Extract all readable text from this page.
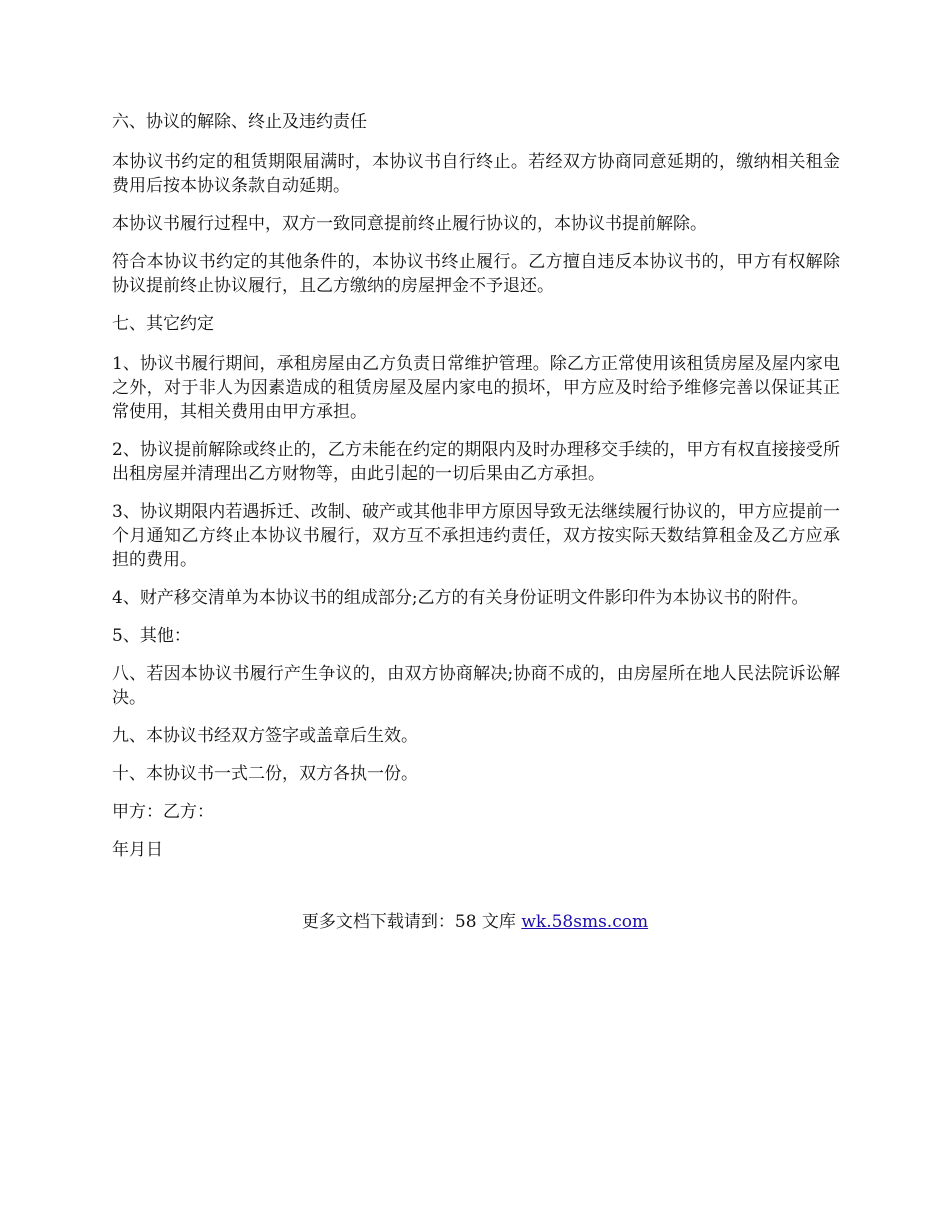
六、协议的解除、终止及违约责任

本协议书约定的租赁期限届满时，本协议书自行终止。若经双方协商同意延期的，缴纳相关租金费用后按本协议条款自动延期。

本协议书履行过程中，双方一致同意提前终止履行协议的，本协议书提前解除。

符合本协议书约定的其他条件的，本协议书终止履行。乙方擅自违反本协议书的，甲方有权解除协议提前终止协议履行，且乙方缴纳的房屋押金不予退还。

七、其它约定

1、协议书履行期间，承租房屋由乙方负责日常维护管理。除乙方正常使用该租赁房屋及屋内家电之外，对于非人为因素造成的租赁房屋及屋内家电的损坏，甲方应及时给予维修完善以保证其正常使用，其相关费用由甲方承担。

2、协议提前解除或终止的，乙方未能在约定的期限内及时办理移交手续的，甲方有权直接接受所出租房屋并清理出乙方财物等，由此引起的一切后果由乙方承担。

3、协议期限内若遇拆迁、改制、破产或其他非甲方原因导致无法继续履行协议的，甲方应提前一个月通知乙方终止本协议书履行，双方互不承担违约责任，双方按实际天数结算租金及乙方应承担的费用。

4、财产移交清单为本协议书的组成部分;乙方的有关身份证明文件影印件为本协议书的附件。

5、其他：

八、若因本协议书履行产生争议的，由双方协商解决;协商不成的，由房屋所在地人民法院诉讼解决。

九、本协议书经双方签字或盖章后生效。

十、本协议书一式二份，双方各执一份。

甲方：乙方：

年月日

更多文档下载请到：58 文库 wk.58sms.com
